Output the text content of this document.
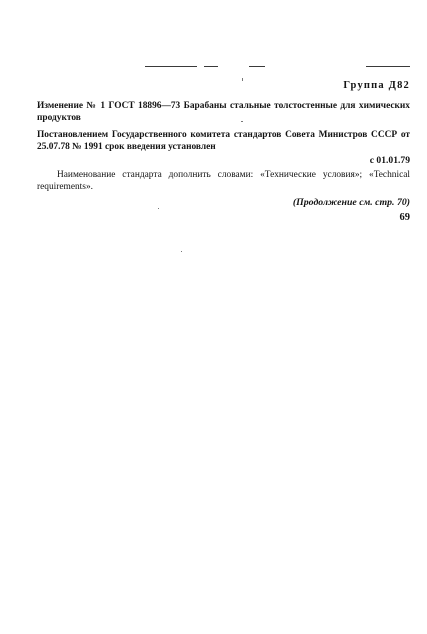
Группа Д82
Изменение № 1 ГОСТ 18896—73 Барабаны стальные толстостенные для химических продуктов
Постановлением Государственного комитета стандартов Совета Министров СССР от 25.07.78 № 1991 срок введения установлен
с 01.01.79
Наименование стандарта дополнить словами: «Технические условия»; «Technical requirements».
(Продолжение см. стр. 70)
69
